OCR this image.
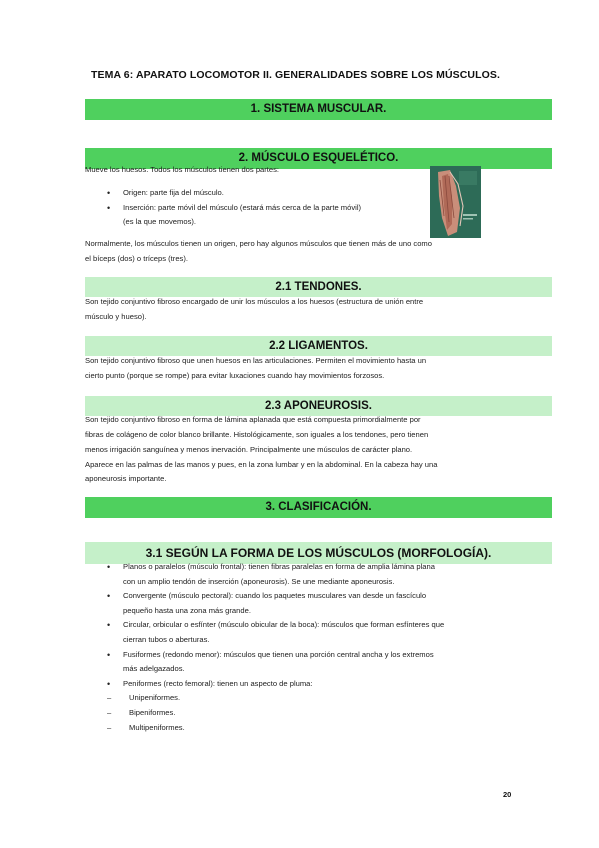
TEMA 6: APARATO LOCOMOTOR II. GENERALIDADES SOBRE LOS MÚSCULOS.
1. SISTEMA MUSCULAR.
2. MÚSCULO ESQUELÉTICO.
Mueve los huesos. Todos los músculos tienen dos partes:
• Origen: parte fija del músculo.
• Inserción: parte móvil del músculo (estará más cerca de la parte móvil)
(es la que movemos).
Normalmente, los músculos tienen un origen, pero hay algunos músculos que tienen más de uno como
el bíceps (dos) o tríceps (tres).
2.1 TENDONES.
Son tejido conjuntivo fibroso encargado de unir los músculos a los huesos (estructura de unión entre
músculo y hueso).
2.2 LIGAMENTOS.
Son tejido conjuntivo fibroso que unen huesos en las articulaciones. Permiten el movimiento hasta un
cierto punto (porque se rompe) para evitar luxaciones cuando hay movimientos forzosos.
2.3 APONEUROSIS.
Son tejido conjuntivo fibroso en forma de lámina aplanada que está compuesta primordialmente por
fibras de colágeno de color blanco brillante. Histológicamente, son iguales a los tendones, pero tienen
menos irrigación sanguínea y menos inervación. Principalmente une músculos de carácter plano.
Aparece en las palmas de las manos y pues, en la zona lumbar y en la abdominal. En la cabeza hay una
aponeurosis importante.
3. CLASIFICACIÓN.
3.1 SEGÚN LA FORMA DE LOS MÚSCULOS (MORFOLOGÍA).
• Planos o paralelos (músculo frontal): tienen fibras paralelas en forma de amplia lámina plana
con un amplio tendón de inserción (aponeurosis). Se une mediante aponeurosis.
• Convergente (músculo pectoral): cuando los paquetes musculares van desde un fascículo
pequeño hasta una zona más grande.
• Circular, orbicular o esfínter (músculo obicular de la boca): músculos que forman esfínteres que
cierran tubos o aberturas.
• Fusiformes (redondo menor): músculos que tienen una porción central ancha y los extremos
más adelgazados.
• Peniformes (recto femoral): tienen un aspecto de pluma:
– Unipeniformes.
– Bipeniformes.
– Multipeniformes.
20
